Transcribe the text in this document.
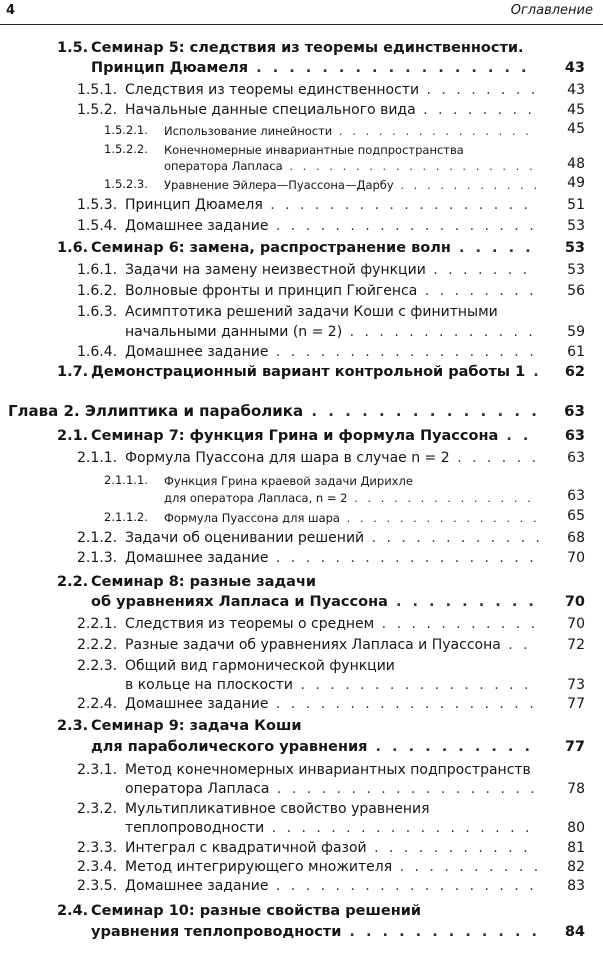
4	Оглавление
1.5. Семинар 5: следствия из теоремы единственности.
Принцип Дюамеля . . .	43
1.5.1. Следствия из теоремы единственности . . .	43
1.5.2. Начальные данные специального вида . . .	45
1.5.2.1. Использование линейности . . .	45
1.5.2.2. Конечномерные инвариантные подпространства
оператора Лапласа . . .	48
1.5.2.3. Уравнение Эйлера—Пуассона—Дарбу . . .	49
1.5.3. Принцип Дюамеля . . .	51
1.5.4. Домашнее задание . . .	53
1.6. Семинар 6: замена, распространение волн . . .	53
1.6.1. Задачи на замену неизвестной функции . . .	53
1.6.2. Волновые фронты и принцип Гюйгенса . . .	56
1.6.3. Асимптотика решений задачи Коши с финитными
начальными данными (n = 2) . . .	59
1.6.4. Домашнее задание . . .	61
1.7. Демонстрационный вариант контрольной работы 1 . . .	62
Глава 2. Эллиптика и параболика . . .	63
2.1. Семинар 7: функция Грина и формула Пуассона . . .	63
2.1.1. Формула Пуассона для шара в случае n = 2 . . .	63
2.1.1.1. Функция Грина краевой задачи Дирихле
для оператора Лапласа, n = 2 . . .	63
2.1.1.2. Формула Пуассона для шара . . .	65
2.1.2. Задачи об оценивании решений . . .	68
2.1.3. Домашнее задание . . .	70
2.2. Семинар 8: разные задачи
об уравнениях Лапласа и Пуассона . . .	70
2.2.1. Следствия из теоремы о среднем . . .	70
2.2.2. Разные задачи об уравнениях Лапласа и Пуассона . . .	72
2.2.3. Общий вид гармонической функции
в кольце на плоскости . . .	73
2.2.4. Домашнее задание . . .	77
2.3. Семинар 9: задача Коши
для параболического уравнения . . .	77
2.3.1. Метод конечномерных инвариантных подпространств
оператора Лапласа . . .	78
2.3.2. Мультипликативное свойство уравнения
теплопроводности . . .	80
2.3.3. Интеграл с квадратичной фазой . . .	81
2.3.4. Метод интегрирующего множителя . . .	82
2.3.5. Домашнее задание . . .	83
2.4. Семинар 10: разные свойства решений
уравнения теплопроводности . . .	84
